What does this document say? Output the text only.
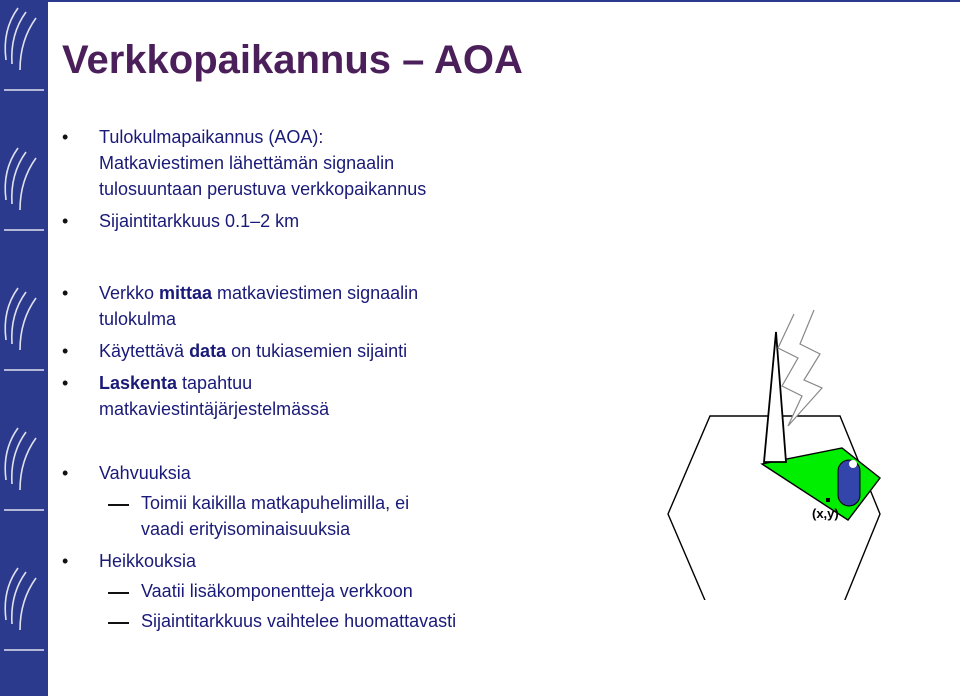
Verkkopaikannus – AOA

• Tulokulmapaikannus (AOA):
Matkaviestimen lähettämän signaalin
tulosuuntaan perustuva verkkopaikannus

• Sijaintitarkkuus 0.1–2 km

• Verkko mittaa matkaviestimen signaalin
tulokulma

• Käytettävä data on tukiasemien sijainti

• Laskenta tapahtuu
matkaviestintäjärjestelmässä

• Vahvuuksia

Toimii kaikilla matkapuhelimilla, ei
vaadi erityisominaisuuksia

• Heikkouksia

Vaatii lisäkomponentteja verkkoon

Sijaintitarkkuus vaihtelee huomattavasti

(x,y)
